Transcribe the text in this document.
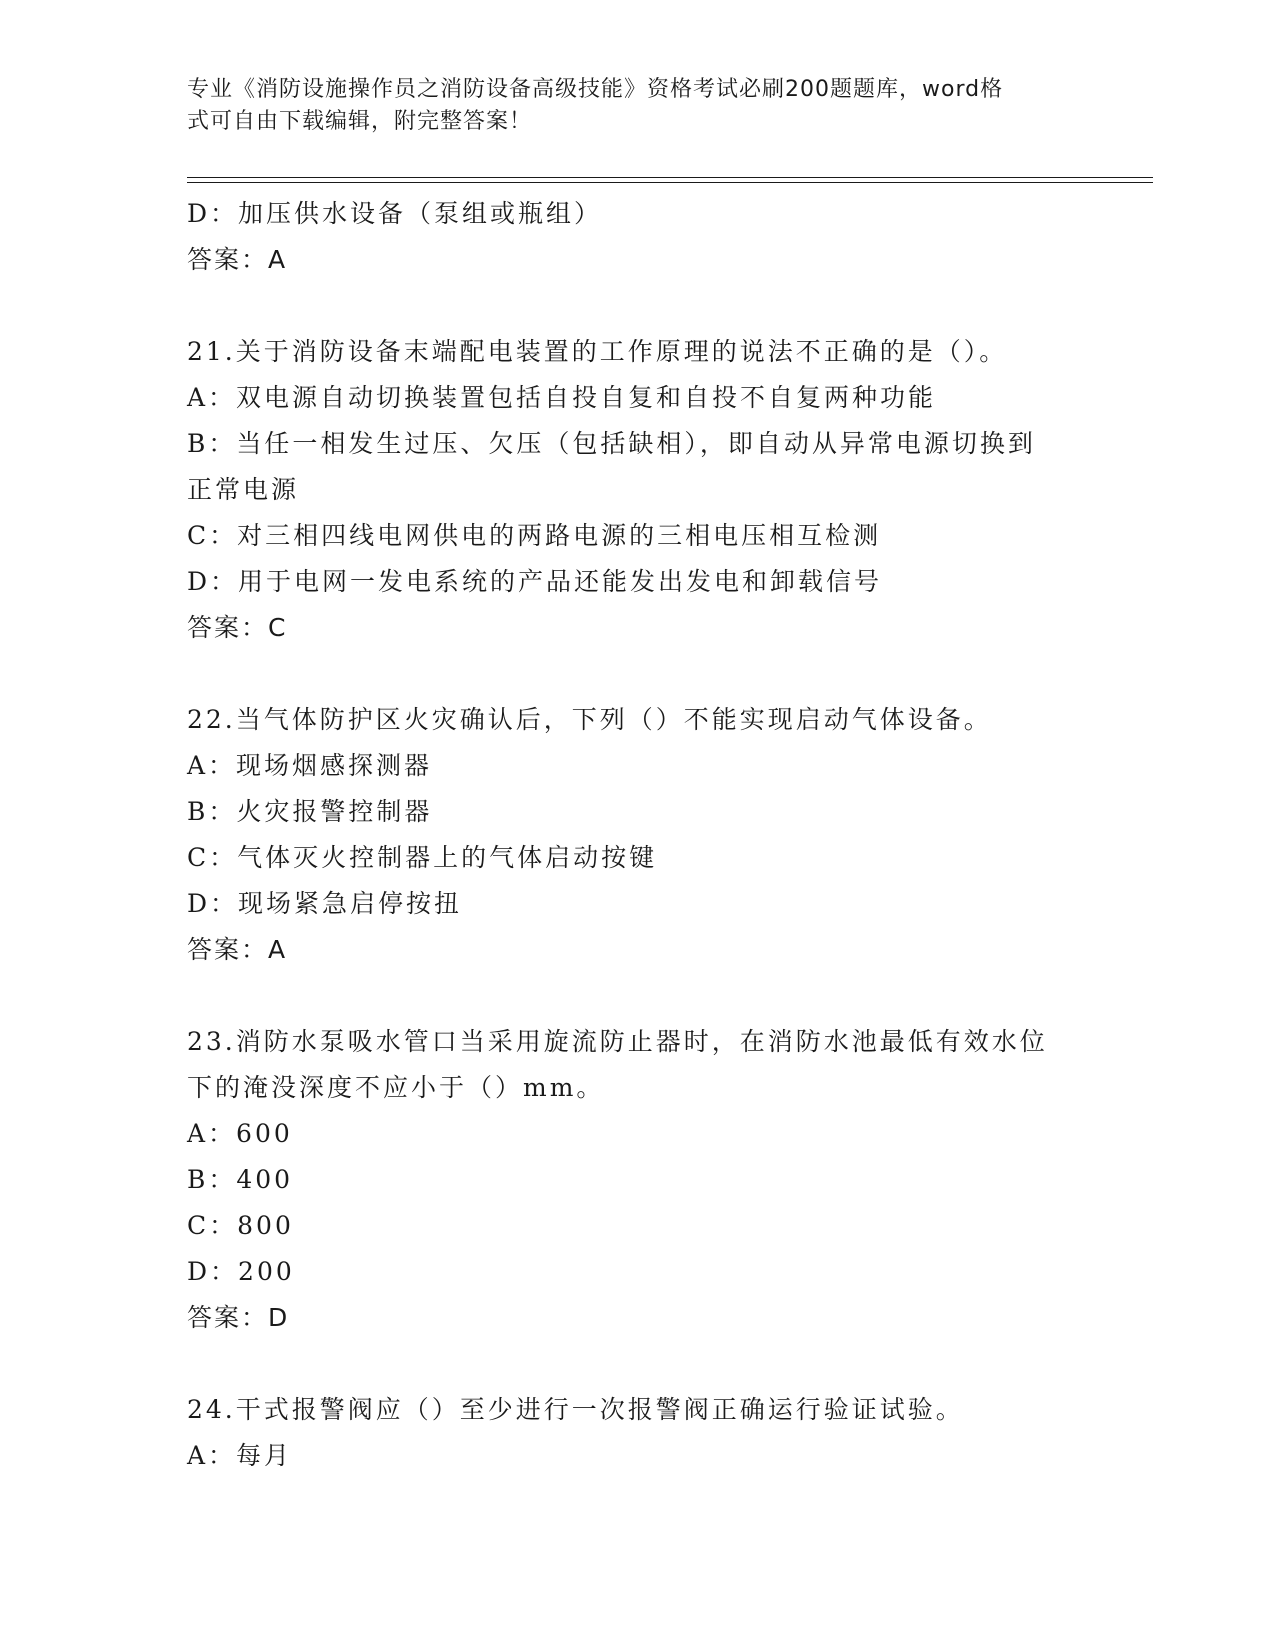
专业《消防设施操作员之消防设备高级技能》资格考试必刷200题题库，word格
式可自由下载编辑，附完整答案！
D：加压供水设备（泵组或瓶组）
答案：A
21.关于消防设备末端配电装置的工作原理的说法不正确的是（）。
A：双电源自动切换装置包括自投自复和自投不自复两种功能
B：当任一相发生过压、欠压（包括缺相），即自动从异常电源切换到
正常电源
C：对三相四线电网供电的两路电源的三相电压相互检测
D：用于电网一发电系统的产品还能发出发电和卸载信号
答案：C
22.当气体防护区火灾确认后，下列（）不能实现启动气体设备。
A：现场烟感探测器
B：火灾报警控制器
C：气体灭火控制器上的气体启动按键
D：现场紧急启停按扭
答案：A
23.消防水泵吸水管口当采用旋流防止器时，在消防水池最低有效水位
下的淹没深度不应小于（）mm。
A：600
B：400
C：800
D：200
答案：D
24.干式报警阀应（）至少进行一次报警阀正确运行验证试验。
A：每月
